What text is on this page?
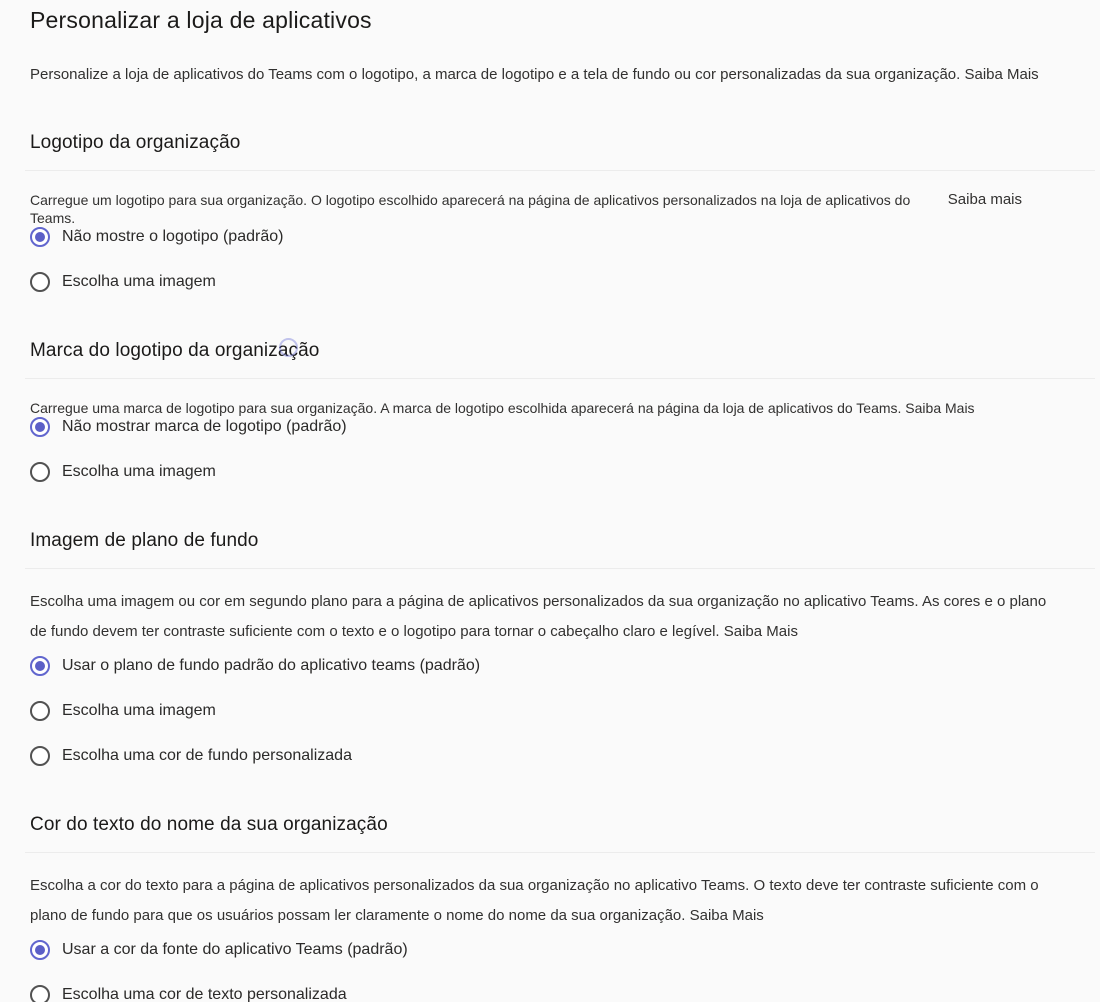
Personalizar a loja de aplicativos

Personalize a loja de aplicativos do Teams com o logotipo, a marca de logotipo e a tela de fundo ou cor personalizadas da sua organização. Saiba Mais

Logotipo da organização
Carregue um logotipo para sua organização. O logotipo escolhido aparecerá na página de aplicativos personalizados na loja de aplicativos do Teams.
Saiba mais
Não mostre o logotipo (padrão)
Escolha uma imagem
Marca do logotipo da organização
Carregue uma marca de logotipo para sua organização. A marca de logotipo escolhida aparecerá na página da loja de aplicativos do Teams. Saiba Mais
Não mostrar marca de logotipo (padrão)
Escolha uma imagem
Imagem de plano de fundo

Escolha uma imagem ou cor em segundo plano para a página de aplicativos personalizados da sua organização no aplicativo Teams. As cores e o plano de fundo devem ter contraste suficiente com o texto e o logotipo para tornar o cabeçalho claro e legível. Saiba Mais

Usar o plano de fundo padrão do aplicativo teams (padrão)
Escolha uma imagem
Escolha uma cor de fundo personalizada
Cor do texto do nome da sua organização

Escolha a cor do texto para a página de aplicativos personalizados da sua organização no aplicativo Teams. O texto deve ter contraste suficiente com o plano de fundo para que os usuários possam ler claramente o nome do nome da sua organização. Saiba Mais

Usar a cor da fonte do aplicativo Teams (padrão)
Escolha uma cor de texto personalizada
